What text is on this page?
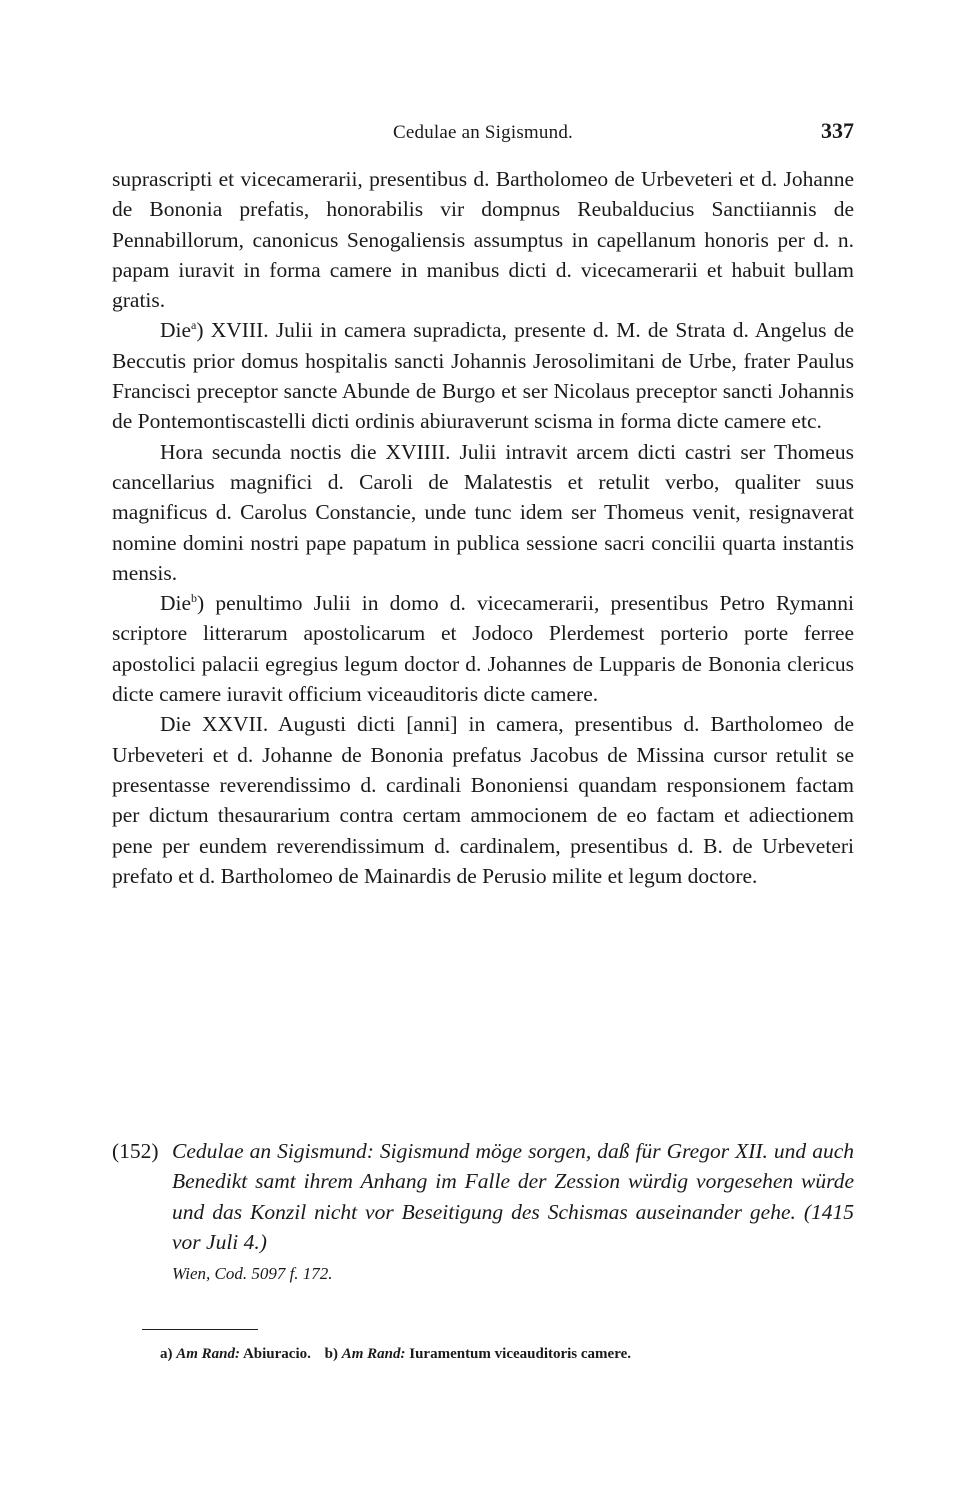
Cedulae an Sigismund.	337

suprascripti et vicecamerarii, presentibus d. Bartholomeo de Urbeveteri et d. Johanne de Bononia prefatis, honorabilis vir dompnus Reubalducius Sanctiiannis de Pennabillorum, canonicus Senogaliensis assumptus in capellanum honoris per d. n. papam iuravit in forma camere in manibus dicti d. vicecamerarii et habuit bullam gratis.

Die$^a$) XVIII. Julii in camera supradicta, presente d. M. de Strata d. Angelus de Beccutis prior domus hospitalis sancti Johannis Jerosolimitani de Urbe, frater Paulus Francisci preceptor sancte Abunde de Burgo et ser Nicolaus preceptor sancti Johannis de Pontemontiscastelli dicti ordinis abiuraverunt scisma in forma dicte camere etc.

Hora secunda noctis die XVIIII. Julii intravit arcem dicti castri ser Thomeus cancellarius magnifici d. Caroli de Malatestis et retulit verbo, qualiter suus magnificus d. Carolus Constancie, unde tunc idem ser Thomeus venit, resignaverat nomine domini nostri pape papatum in publica sessione sacri concilii quarta instantis mensis.

Die$^b$) penultimo Julii in domo d. vicecamerarii, presentibus Petro Rymanni scriptore litterarum apostolicarum et Jodoco Plerdemest porterio porte ferree apostolici palacii egregius legum doctor d. Johannes de Lupparis de Bononia clericus dicte camere iuravit officium viceauditoris dicte camere.

Die XXVII. Augusti dicti [anni] in camera, presentibus d. Bartholomeo de Urbeveteri et d. Johanne de Bononia prefatus Jacobus de Missina cursor retulit se presentasse reverendissimo d. cardinali Bononiensi quandam responsionem factam per dictum thesaurarium contra certam ammocionem de eo factam et adiectionem pene per eundem reverendissimum d. cardinalem, presentibus d. B. de Urbeveteri prefato et d. Bartholomeo de Mainardis de Perusio milite et legum doctore.

(152) Cedulae an Sigismund: Sigismund möge sorgen, daß für Gregor XII. und auch Benedikt samt ihrem Anhang im Falle der Zession würdig vorgesehen würde und das Konzil nicht vor Beseitigung des Schismas auseinander gehe. (1415 vor Juli 4.)
Wien, Cod. 5097 f. 172.
a) Am Rand: Abiuracio. b) Am Rand: Iuramentum viceauditoris camere.
